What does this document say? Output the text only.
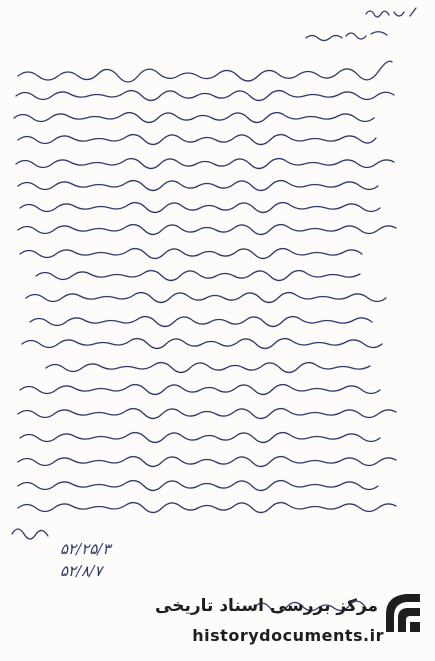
۵۲/۲۵/۳
۵۲/۸/۷
مرکز بررسی اسناد تاریخی
historydocuments.ir
